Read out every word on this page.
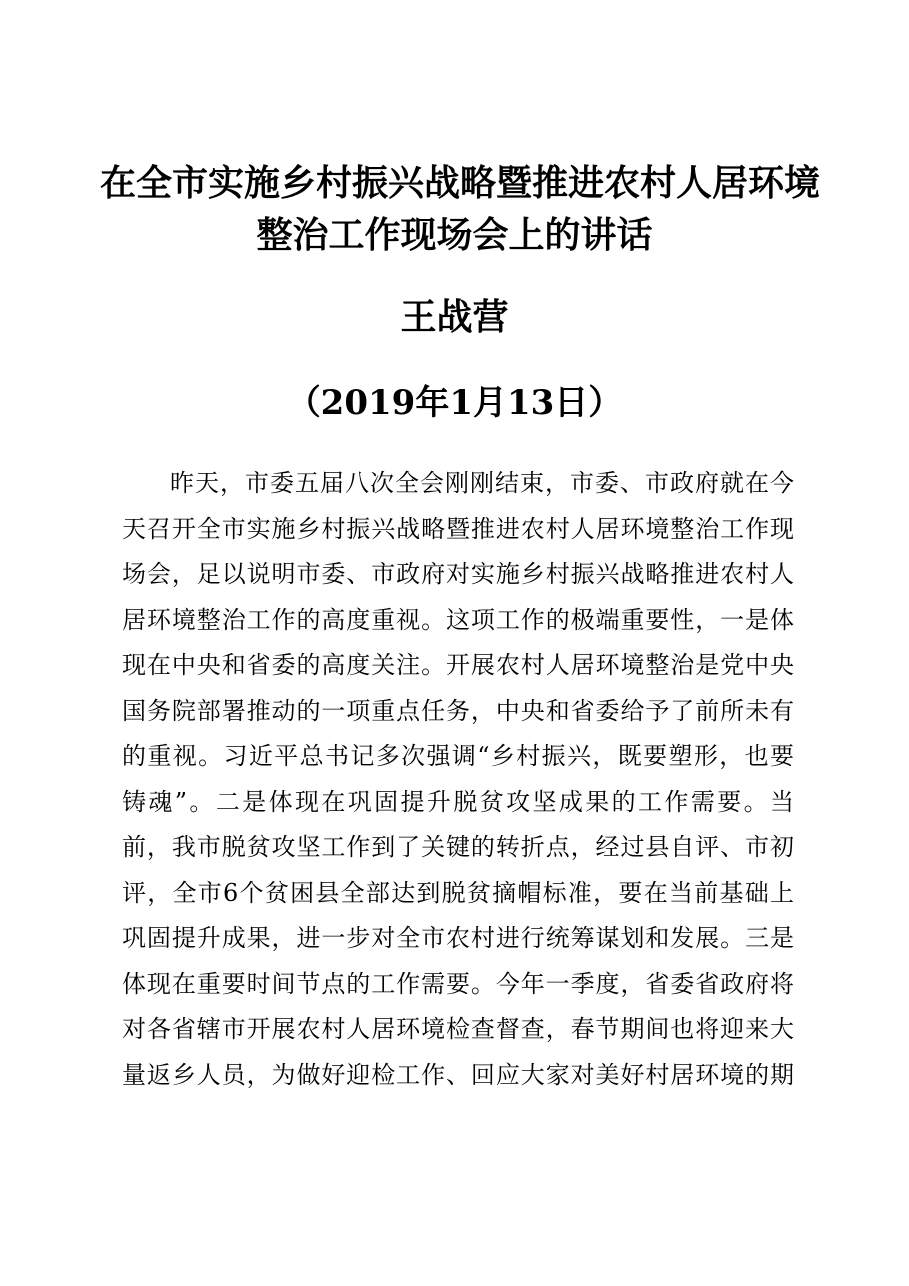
在全市实施乡村振兴战略暨推进农村人居环境
整治工作现场会上的讲话
王战营
（2019年1月13日）
昨天，市委五届八次全会刚刚结束，市委、市政府就在今
天召开全市实施乡村振兴战略暨推进农村人居环境整治工作现
场会，足以说明市委、市政府对实施乡村振兴战略推进农村人
居环境整治工作的高度重视。这项工作的极端重要性，一是体
现在中央和省委的高度关注。开展农村人居环境整治是党中央
国务院部署推动的一项重点任务，中央和省委给予了前所未有
的重视。习近平总书记多次强调“乡村振兴，既要塑形，也要
铸魂”。二是体现在巩固提升脱贫攻坚成果的工作需要。当
前，我市脱贫攻坚工作到了关键的转折点，经过县自评、市初
评，全市6个贫困县全部达到脱贫摘帽标准，要在当前基础上
巩固提升成果，进一步对全市农村进行统筹谋划和发展。三是
体现在重要时间节点的工作需要。今年一季度，省委省政府将
对各省辖市开展农村人居环境检查督查，春节期间也将迎来大
量返乡人员，为做好迎检工作、回应大家对美好村居环境的期
